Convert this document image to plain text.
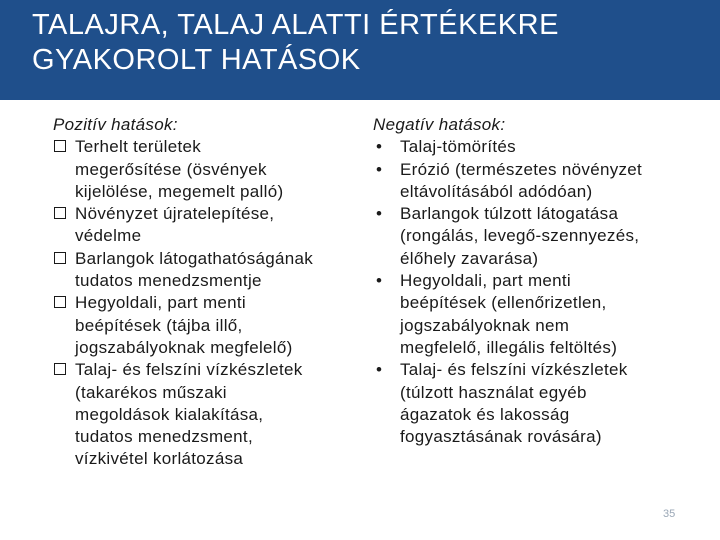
TALAJRA, TALAJ ALATTI ÉRTÉKEKRE
GYAKOROLT HATÁSOK
Pozitív hatások:
Terhelt területek
megerősítése (ösvények
kijelölése, megemelt palló)
Növényzet újratelepítése,
védelme
Barlangok látogathatóságának
tudatos menedzsmentje
Hegyoldali, part menti
beépítések (tájba illő,
jogszabályoknak megfelelő)
Talaj- és felszíni vízkészletek
(takarékos műszaki
megoldások kialakítása,
tudatos menedzsment,
vízkivétel korlátozása
Negatív hatások:
• Talaj-tömörítés
• Erózió (természetes növényzet
eltávolításából adódóan)
• Barlangok túlzott látogatása
(rongálás, levegő-szennyezés,
élőhely zavarása)
• Hegyoldali, part menti
beépítések (ellenőrizetlen,
jogszabályoknak nem
megfelelő, illegális feltöltés)
• Talaj- és felszíni vízkészletek
(túlzott használat egyéb
ágazatok és lakosság
fogyasztásának rovására)
35
